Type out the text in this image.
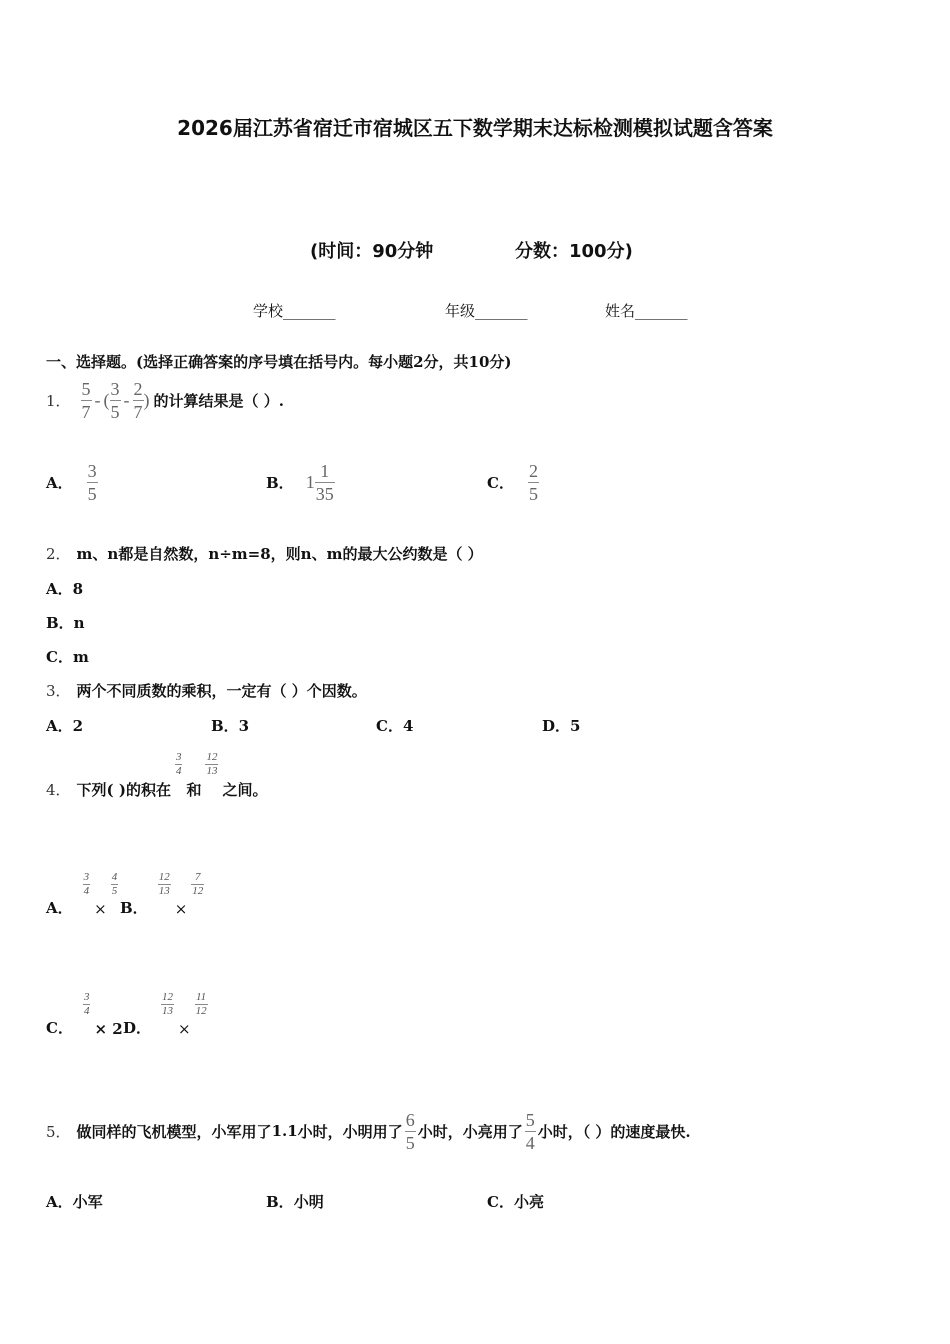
2026届江苏省宿迁市宿城区五下数学期末达标检测模拟试题含答案
(时间：90分钟	分数：100分)
学校_______	年级_______	姓名_______
一、选择题。(选择正确答案的序号填在括号内。每小题2分，共10分)
1． $\frac{5}{7}$ - ( $\frac{3}{5} - \frac{2}{7}$ ) 的计算结果是（ ）.
A． $\frac{3}{5}$	B． $1 \frac{1}{35}$	C． $\frac{2}{5}$
2． m、n都是自然数，n÷m=8，则n、m的最大公约数是（ ）
A．8
B．n
C．m
3． 两个不同质数的乘积，一定有（ ）个因数。
A．2	B．3	C．4	D．5
4． 下列( )的积在
$\frac{3}{4}$
和
$\frac{12}{13}$
之间。
A．
$\frac{3}{4}$
×
$\frac{4}{5}$
B．
$\frac{12}{13}$
×
$\frac{7}{12}$
C．
$\frac{3}{4}$
× 2 D．
$\frac{12}{13}$
×
$\frac{11}{12}$
5． 做同样的飞机模型，小军用了 1.1 小时，小明用了 $\frac{6}{5}$ 小时，小亮用了 $\frac{5}{4}$ 小时，（ ）的速度最快.
A．小军	B．小明	C．小亮
